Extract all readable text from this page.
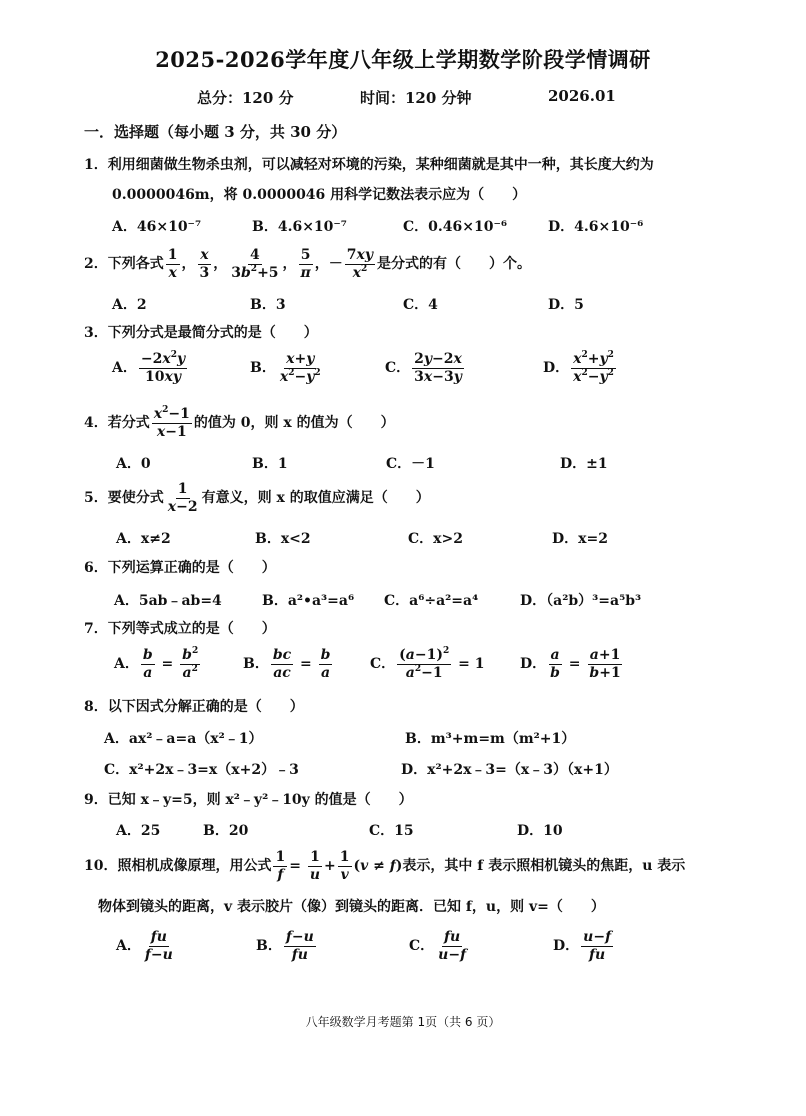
2025-2026学年度八年级上学期数学阶段学情调研
总分：120 分	时间：120 分钟	2026.01
一．选择题（每小题 3 分，共 30 分）
1．利用细菌做生物杀虫剂，可以减轻对环境的污染，某种细菌就是其中一种，其长度大约为
0.0000046m，将 0.0000046 用科学记数法表示应为（　　）
A．46×10⁻⁷	B．4.6×10⁻⁷	C．0.46×10⁻⁶	D．4.6×10⁻⁶
2．下列各式 $\frac{1}{x}$ ， $\frac{x}{3}$ ， $\frac{4}{3b^2+5}$ ， $\frac{5}{\pi}$ ，－ $\frac{7xy}{x^2}$ 是分式的有（　　）个。
A．2	B．3	C．4	D．5
3．下列分式是最简分式的是（　　）
A． $\frac{-2x^2y}{10xy}$	B． $\frac{x+y}{x^2-y^2}$	C． $\frac{2y-2x}{3x-3y}$	D． $\frac{x^2+y^2}{x^2-y^2}$
4．若分式 $\frac{x^2-1}{x-1}$ 的值为 0，则 x 的值为（　　）
A．0	B．1	C．－1	D．±1
5．要使分式 $\frac{1}{x-2}$ 有意义，则 x 的取值应满足（　　）
A．x≠2	B．x<2	C．x>2	D．x=2
6．下列运算正确的是（　　）
A．5ab﹣ab=4	B．a²•a³=a⁶ C．a⁶÷a²=a⁴	D．（a²b）³=a⁵b³
7．下列等式成立的是（　　）
A． $\frac{b}{a} = \frac{b^2}{a^2}$	B． $\frac{bc}{ac} = \frac{b}{a}$	C． $\frac{(a-1)^2}{a^2-1} = 1$	D． $\frac{a}{b} = \frac{a+1}{b+1}$
8．以下因式分解正确的是（　　）
A．ax²﹣a=a（x²﹣1）	B．m³+m=m（m²+1）
C．x²+2x﹣3=x（x+2）﹣3	D．x²+2x﹣3=（x﹣3）（x+1）
9．已知 x﹣y=5，则 x²﹣y²﹣10y 的值是（　　）
A．25	B．20	C．15	D．10
10．照相机成像原理，用公式 $\frac{1}{f} = \frac{1}{u} + \frac{1}{v} (v \ne f)$表示，其中 f 表示照相机镜头的焦距，u 表示
物体到镜头的距离，v 表示胶片（像）到镜头的距离．已知 f，u，则 v=（　　）
A． $\frac{fu}{f-u}$	B． $\frac{f-u}{fu}$	C． $\frac{fu}{u-f}$	D． $\frac{u-f}{fu}$
八年级数学月考题第 1页（共 6 页）
